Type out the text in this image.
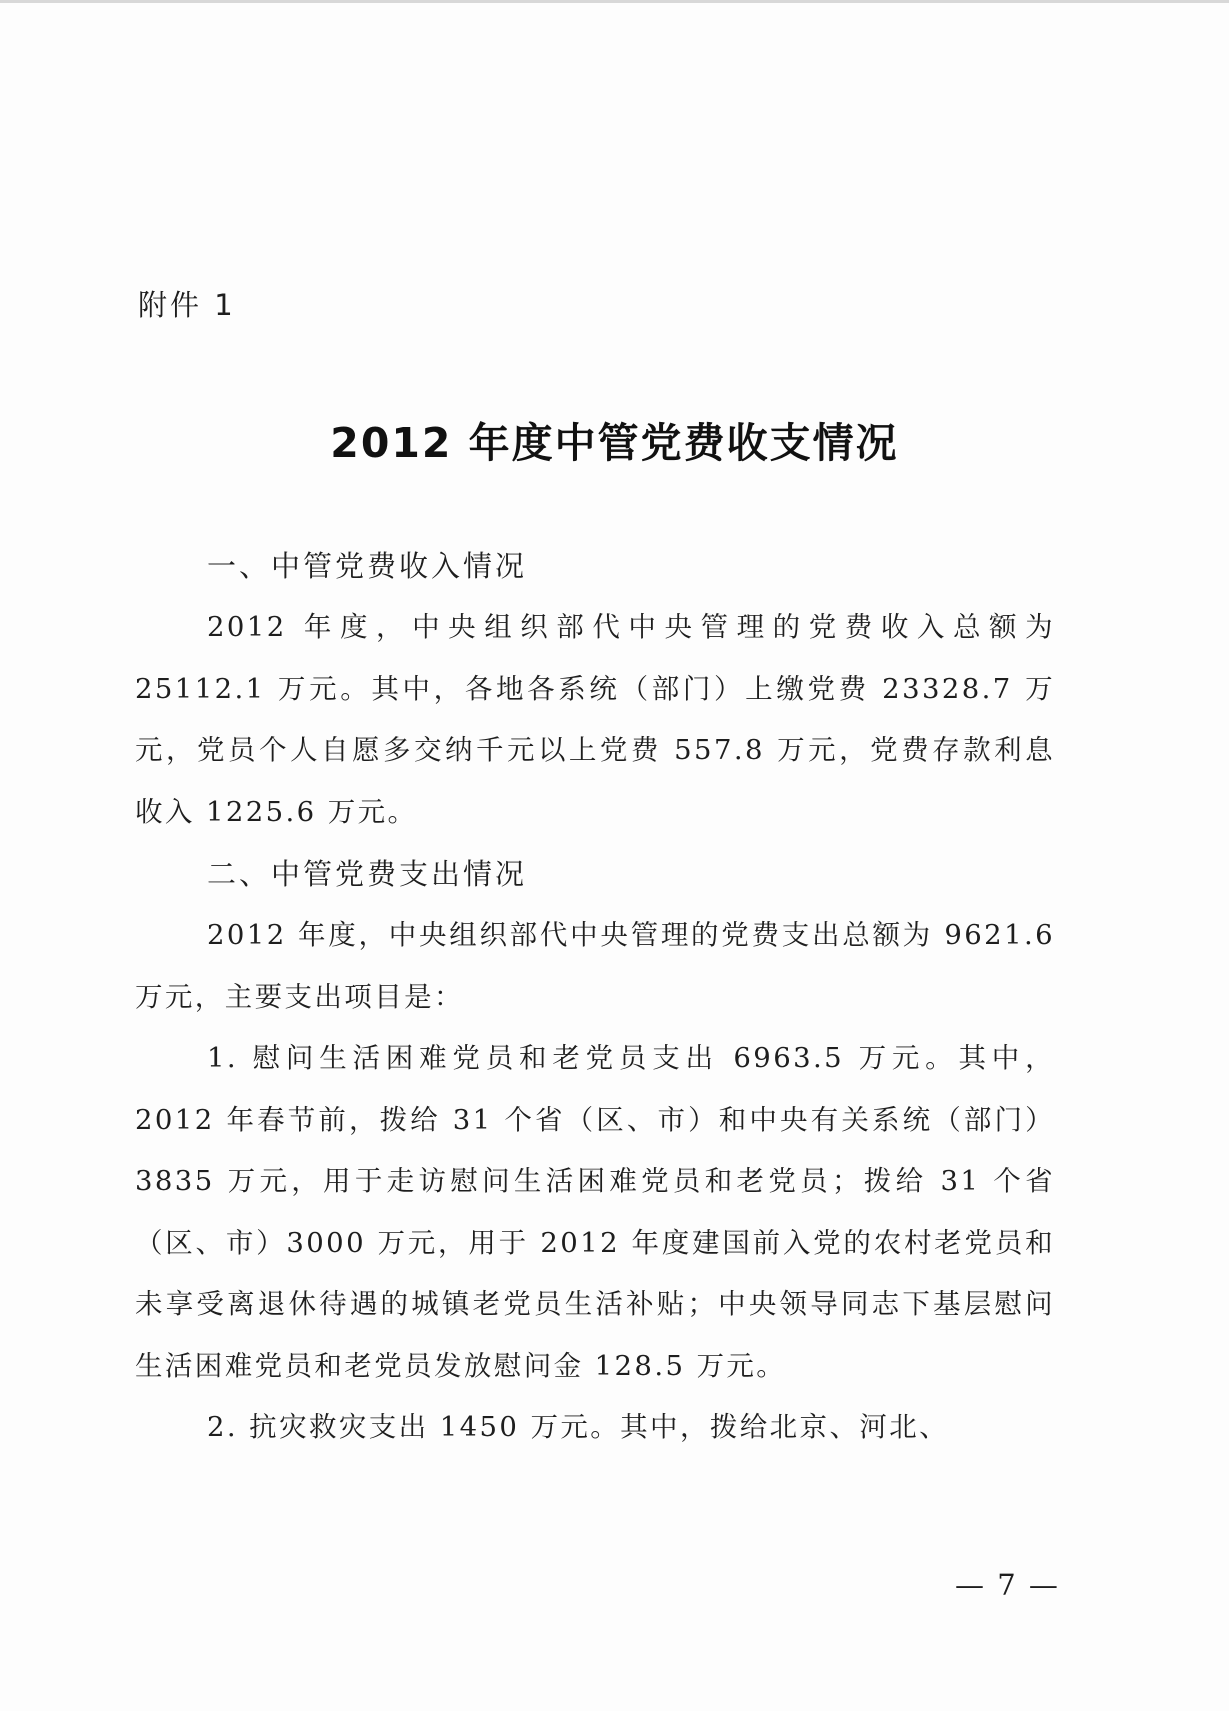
附件 1
2012 年度中管党费收支情况
一、中管党费收入情况
2012 年度，中央组织部代中央管理的党费收入总额为 25112.1 万元。其中，各地各系统（部门）上缴党费 23328.7 万元，党员个人自愿多交纳千元以上党费 557.8 万元，党费存款利息收入 1225.6 万元。
二、中管党费支出情况
2012 年度，中央组织部代中央管理的党费支出总额为 9621.6 万元，主要支出项目是：
1. 慰问生活困难党员和老党员支出 6963.5 万元。其中，2012 年春节前，拨给 31 个省（区、市）和中央有关系统（部门）3835 万元，用于走访慰问生活困难党员和老党员；拨给 31 个省（区、市）3000 万元，用于 2012 年度建国前入党的农村老党员和未享受离退休待遇的城镇老党员生活补贴；中央领导同志下基层慰问生活困难党员和老党员发放慰问金 128.5 万元。
2. 抗灾救灾支出 1450 万元。其中，拨给北京、河北、
— 7 —
